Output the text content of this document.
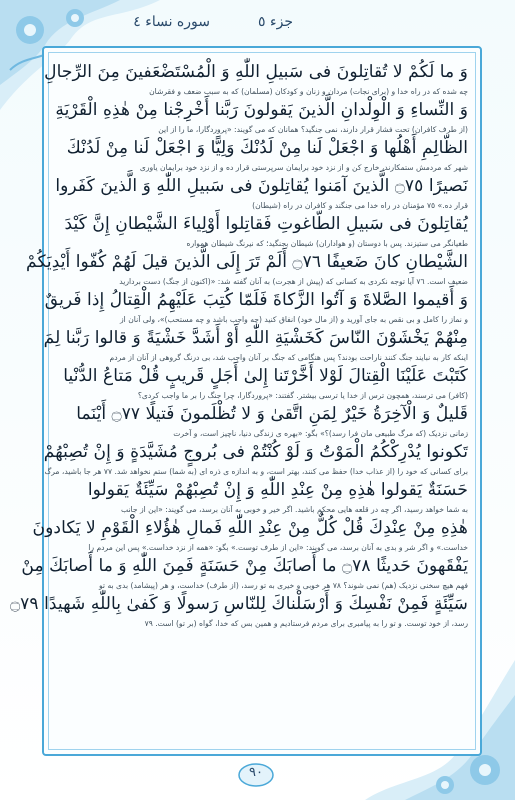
جزء ٥
سوره نساء ٤
وَ ما لَكُمْ لا تُقاتِلونَ فى سَبيلِ اللّٰهِ وَ الْمُسْتَضْعَفينَ مِنَ الرِّجالِ
چه شده که در راه خدا و (برای نجات) مردان و زنان و کودکان (مسلمان) که به سبب ضعف و فقرشان
وَ النِّساءِ وَ الْوِلْدانِ الَّذينَ يَقولونَ رَبَّنا أَخْرِجْنا مِنْ هٰذِهِ الْقَرْيَةِ
(از طرف کافران) تحت فشار قرار دارند، نمی جنگید؟ همانان که می گویند: «پروردگارا، ما را از این
الظّالِمِ أَهْلُها وَ اجْعَلْ لَنا مِنْ لَدُنْكَ وَلِيًّا وَ اجْعَلْ لَنا مِنْ لَدُنْكَ
شهر که مردمش ستمکارند، خارج کن و از نزد خود برایمان سرپرستی قرار ده و از نزد خود برایمان یاوری
نَصيرًا ۝٧٥ الَّذينَ آمَنوا يُقاتِلونَ فى سَبيلِ اللّٰهِ وَ الَّذينَ كَفَروا
قرار ده.» ٧٥ مؤمنان در راه خدا می جنگند و کافران در راه (شیطان)
يُقاتِلونَ فى سَبيلِ الطّاغوتِ فَقاتِلوا أَوْلِياءَ الشَّيْطانِ إِنَّ كَيْدَ
طغیانگر می ستیزند. پس با دوستان (و هواداران) شیطان بجنگید؛ که نیرنگ شیطان همواره
الشَّيْطانِ كانَ ضَعيفًا ۝٧٦ أَلَمْ تَرَ إِلَى الَّذينَ قيلَ لَهُمْ كُفّوا أَيْدِيَكُمْ
ضعیف است. ٧٦ آیا توجه نکردی به کسانی که (پیش از هجرت) به آنان گفته شد: «(اکنون از جنگ) دست بردارید
وَ أَقيموا الصَّلاةَ وَ آتُوا الزَّكاةَ فَلَمّا كُتِبَ عَلَيْهِمُ الْقِتالُ إِذا فَريقٌ
و نماز را کامل و بی نقص به جای آورید و (از مال خود) انفاق کنید (چه واجب باشد و چه مستحب)»، ولی آنان از
مِنْهُمْ يَخْشَوْنَ النّاسَ كَخَشْيَةِ اللّٰهِ أَوْ أَشَدَّ خَشْيَةً وَ قالوا رَبَّنا لِمَ
اینکه کار به نبایند جنگ کنند ناراحت بودند؟ پس هنگامی که جنگ بر آنان واجب شد، بی درنگ گروهی از آنان از مردم
كَتَبْتَ عَلَيْنَا الْقِتالَ لَوْلا أَخَّرْتَنا إِلىٰ أَجَلٍ قَريبٍ قُلْ مَتاعُ الدُّنْيا
(کافر) می ترسند، همچون ترس از خدا یا ترسی بیشتر. گفتند: «پروردگارا، چرا جنگ را بر ما واجب کردی؟
قَليلٌ وَ الْآخِرَةُ خَيْرٌ لِمَنِ اتَّقىٰ وَ لا تُظْلَمونَ فَتيلًا ۝٧٧ أَيْنَما
زمانی نزدیک (که مرگ طبیعی مان فرا رسد)؟» بگو: «بهره ی زندگی دنیا، ناچیز است، و آخرت
تَكونوا يُدْرِكْكُمُ الْمَوْتُ وَ لَوْ كُنْتُمْ فى بُروجٍ مُشَيَّدَةٍ وَ إِنْ تُصِبْهُمْ
برای کسانی که خود را (از عذاب خدا) حفظ می کنند، بهتر است، و به اندازه ی ذره ای (به شما) ستم نخواهد شد. ٧٧ هر جا باشید، مرگ
حَسَنَةٌ يَقولوا هٰذِهِ مِنْ عِنْدِ اللّٰهِ وَ إِنْ تُصِبْهُمْ سَيِّئَةٌ يَقولوا
به شما خواهد رسید، اگر چه در قلعه هایی محکم باشید. اگر خیر و خوبی به آنان برسد، می گویند: «این از جانب
هٰذِهِ مِنْ عِنْدِكَ قُلْ كُلٌّ مِنْ عِنْدِ اللّٰهِ فَمالِ هٰؤُلاءِ الْقَوْمِ لا يَكادونَ
خداست.» و اگر شر و بدی به آنان برسد، می گویند: «این از طرف توست.» بگو: «همه از نزد خداست.» پس این مردم را
يَفْقَهونَ حَديثًا ۝٧٨ ما أَصابَكَ مِنْ حَسَنَةٍ فَمِنَ اللّٰهِ وَ ما أَصابَكَ مِنْ
فهم هیچ سخنی نزدیک (هم) نمی شوند؟ ٧٨ هر خوبی و خیری به تو رسد، (از طرف) خداست، و هر (پیشامد) بدی به تو
سَيِّئَةٍ فَمِنْ نَفْسِكَ وَ أَرْسَلْناكَ لِلنّاسِ رَسولًا وَ كَفىٰ بِاللّٰهِ شَهيدًا ۝٧٩
رسد، از خود توست. و تو را به پیامبری برای مردم فرستادیم و همین بس که خدا، گواه (بر تو) است. ٧٩
٩٠
